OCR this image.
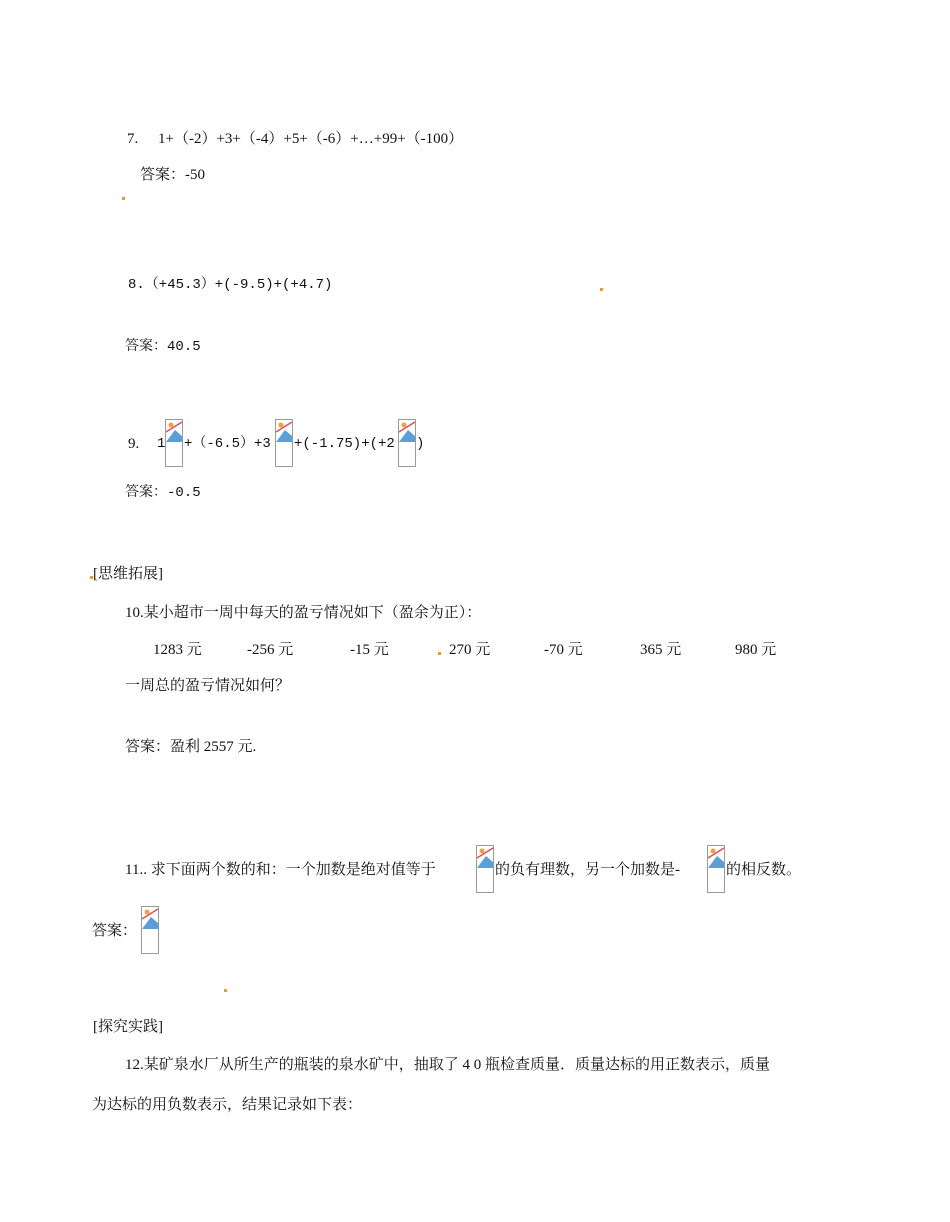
7. 1+（-2）+3+（-4）+5+（-6）+…+99+（-100）
答案：-50
8.（+45.3）+(-9.5)+(+4.7)
答案：40.5
9. 1 +（-6.5）+3 +(-1.75)+(+2 )
答案：-0.5
[思维拓展]
10.某小超市一周中每天的盈亏情况如下（盈余为正）：
1283 元	-256 元	-15 元	270 元	-70 元	365 元	980 元
一周总的盈亏情况如何？
答案：盈利 2557 元.
11.. 求下面两个数的和：一个加数是绝对值等于	的负有理数，另一个加数是-	的相反数。
答案：
[探究实践]
12.某矿泉水厂从所生产的瓶装的泉水矿中，抽取了 4 0 瓶检查质量．质量达标的用正数表示，质量
为达标的用负数表示，结果记录如下表：
